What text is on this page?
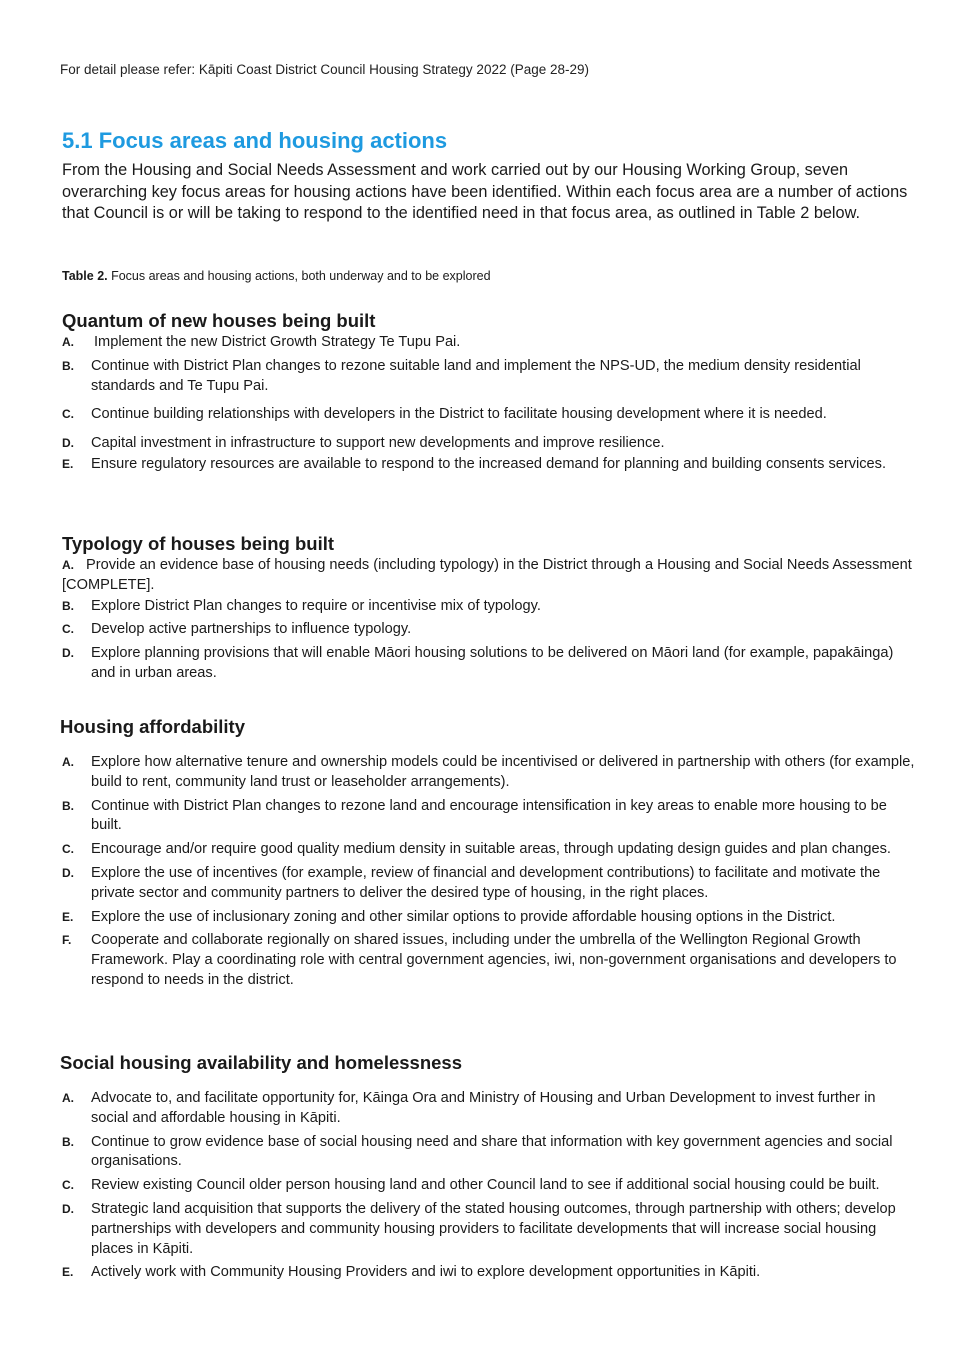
For detail please refer: Kāpiti Coast District Council Housing Strategy 2022 (Page 28-29)
5.1 Focus areas and housing actions

From the Housing and Social Needs Assessment and work carried out by our Housing Working Group, seven overarching key focus areas for housing actions have been identified. Within each focus area are a number of actions that Council is or will be taking to respond to the identified need in that focus area, as outlined in Table 2 below.

Table 2. Focus areas and housing actions, both underway and to be explored

Quantum of new houses being built
A. Implement the new District Growth Strategy Te Tupu Pai.
B. Continue with District Plan changes to rezone suitable land and implement the NPS-UD, the medium density residential standards and Te Tupu Pai.
C. Continue building relationships with developers in the District to facilitate housing development where it is needed.
D. Capital investment in infrastructure to support new developments and improve resilience.
E. Ensure regulatory resources are available to respond to the increased demand for planning and building consents services.
Typology of houses being built
A. Provide an evidence base of housing needs (including typology) in the District through a Housing and Social Needs Assessment [COMPLETE].
B. Explore District Plan changes to require or incentivise mix of typology.
C. Develop active partnerships to influence typology.
D. Explore planning provisions that will enable Māori housing solutions to be delivered on Māori land (for example, papakāinga) and in urban areas.
Housing affordability
A. Explore how alternative tenure and ownership models could be incentivised or delivered in partnership with others (for example, build to rent, community land trust or leaseholder arrangements).
B. Continue with District Plan changes to rezone land and encourage intensification in key areas to enable more housing to be built.
C. Encourage and/or require good quality medium density in suitable areas, through updating design guides and plan changes.
D. Explore the use of incentives (for example, review of financial and development contributions) to facilitate and motivate the private sector and community partners to deliver the desired type of housing, in the right places.
E. Explore the use of inclusionary zoning and other similar options to provide affordable housing options in the District.
F. Cooperate and collaborate regionally on shared issues, including under the umbrella of the Wellington Regional Growth Framework. Play a coordinating role with central government agencies, iwi, non-government organisations and developers to respond to needs in the district.
Social housing availability and homelessness
A. Advocate to, and facilitate opportunity for, Kāinga Ora and Ministry of Housing and Urban Development to invest further in social and affordable housing in Kāpiti.
B. Continue to grow evidence base of social housing need and share that information with key government agencies and social organisations.
C. Review existing Council older person housing land and other Council land to see if additional social housing could be built.
D. Strategic land acquisition that supports the delivery of the stated housing outcomes, through partnership with others; develop partnerships with developers and community housing providers to facilitate developments that will increase social housing places in Kāpiti.
E. Actively work with Community Housing Providers and iwi to explore development opportunities in Kāpiti.
